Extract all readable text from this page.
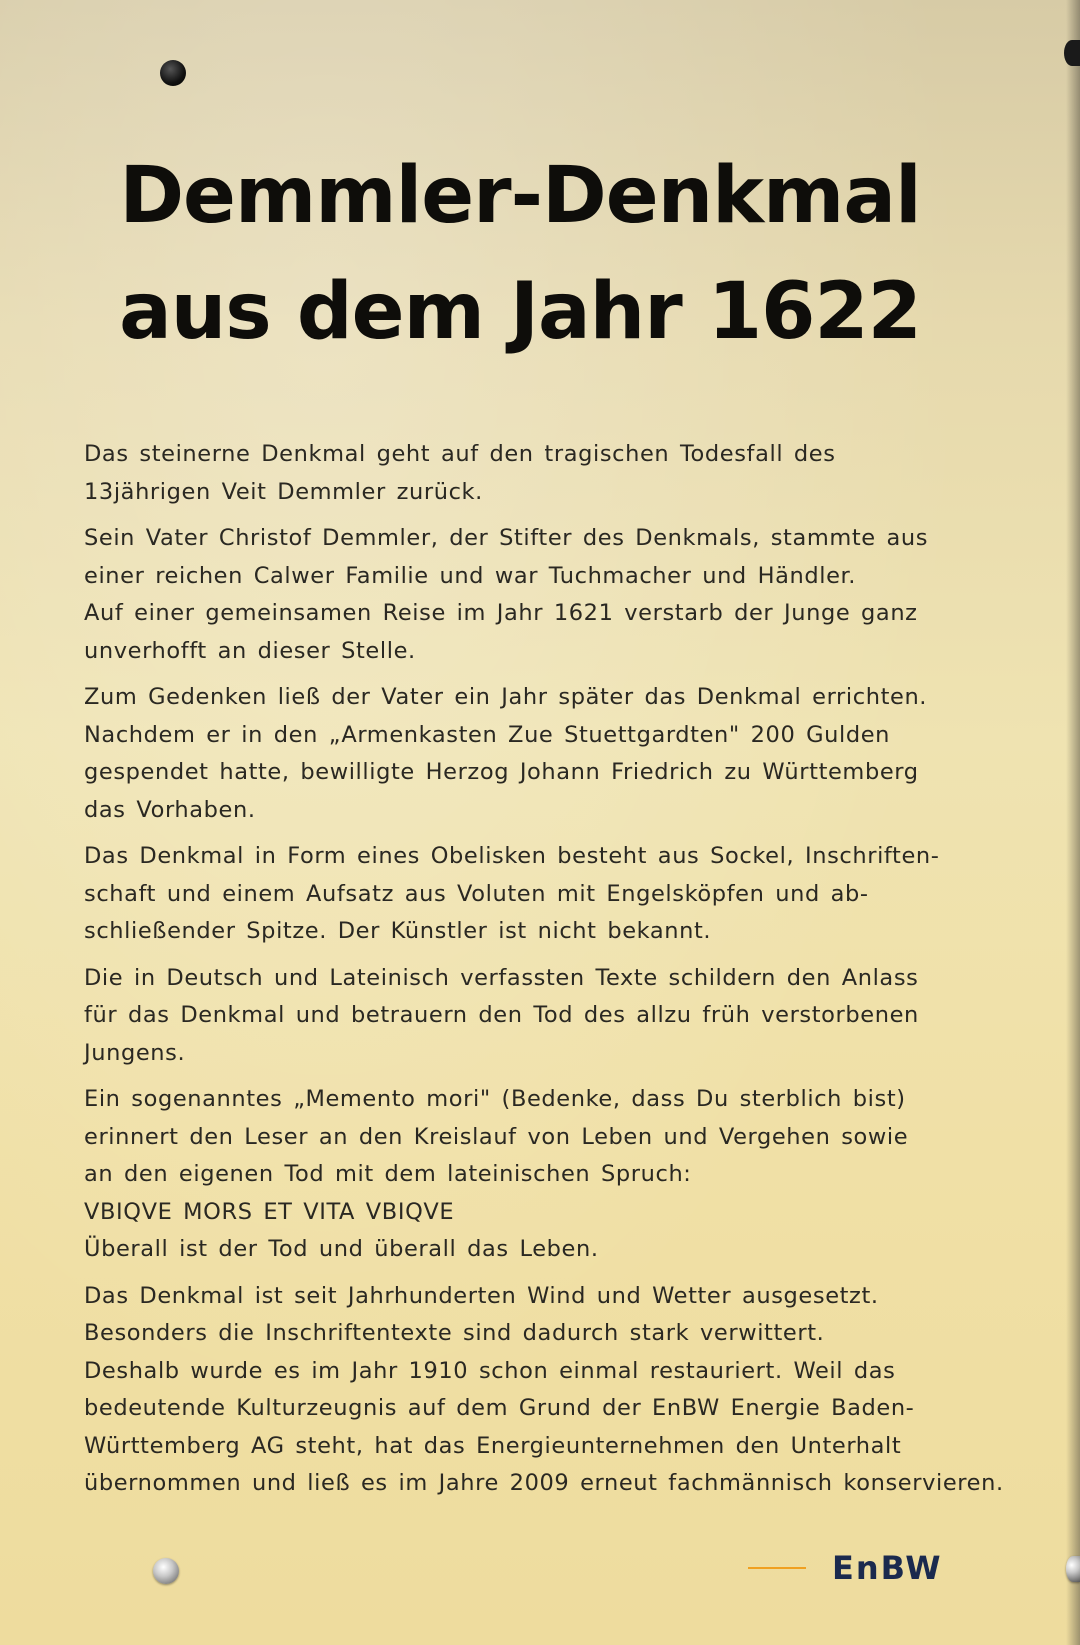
Demmler-Denkmal
aus dem Jahr 1622

Das steinerne Denkmal geht auf den tragischen Todesfall des
13jährigen Veit Demmler zurück.

Sein Vater Christof Demmler, der Stifter des Denkmals, stammte aus
einer reichen Calwer Familie und war Tuchmacher und Händler.
Auf einer gemeinsamen Reise im Jahr 1621 verstarb der Junge ganz
unverhofft an dieser Stelle.

Zum Gedenken ließ der Vater ein Jahr später das Denkmal errichten.
Nachdem er in den „Armenkasten Zue Stuettgardten" 200 Gulden
gespendet hatte, bewilligte Herzog Johann Friedrich zu Württemberg
das Vorhaben.

Das Denkmal in Form eines Obelisken besteht aus Sockel, Inschriften-
schaft und einem Aufsatz aus Voluten mit Engelsköpfen und ab-
schließender Spitze. Der Künstler ist nicht bekannt.

Die in Deutsch und Lateinisch verfassten Texte schildern den Anlass
für das Denkmal und betrauern den Tod des allzu früh verstorbenen
Jungens.

Ein sogenanntes „Memento mori" (Bedenke, dass Du sterblich bist)
erinnert den Leser an den Kreislauf von Leben und Vergehen sowie
an den eigenen Tod mit dem lateinischen Spruch:
VBIQVE MORS ET VITA VBIQVE
Überall ist der Tod und überall das Leben.

Das Denkmal ist seit Jahrhunderten Wind und Wetter ausgesetzt.
Besonders die Inschriftentexte sind dadurch stark verwittert.
Deshalb wurde es im Jahr 1910 schon einmal restauriert. Weil das
bedeutende Kulturzeugnis auf dem Grund der EnBW Energie Baden-
Württemberg AG steht, hat das Energieunternehmen den Unterhalt
übernommen und ließ es im Jahre 2009 erneut fachmännisch konservieren.

EnBW
